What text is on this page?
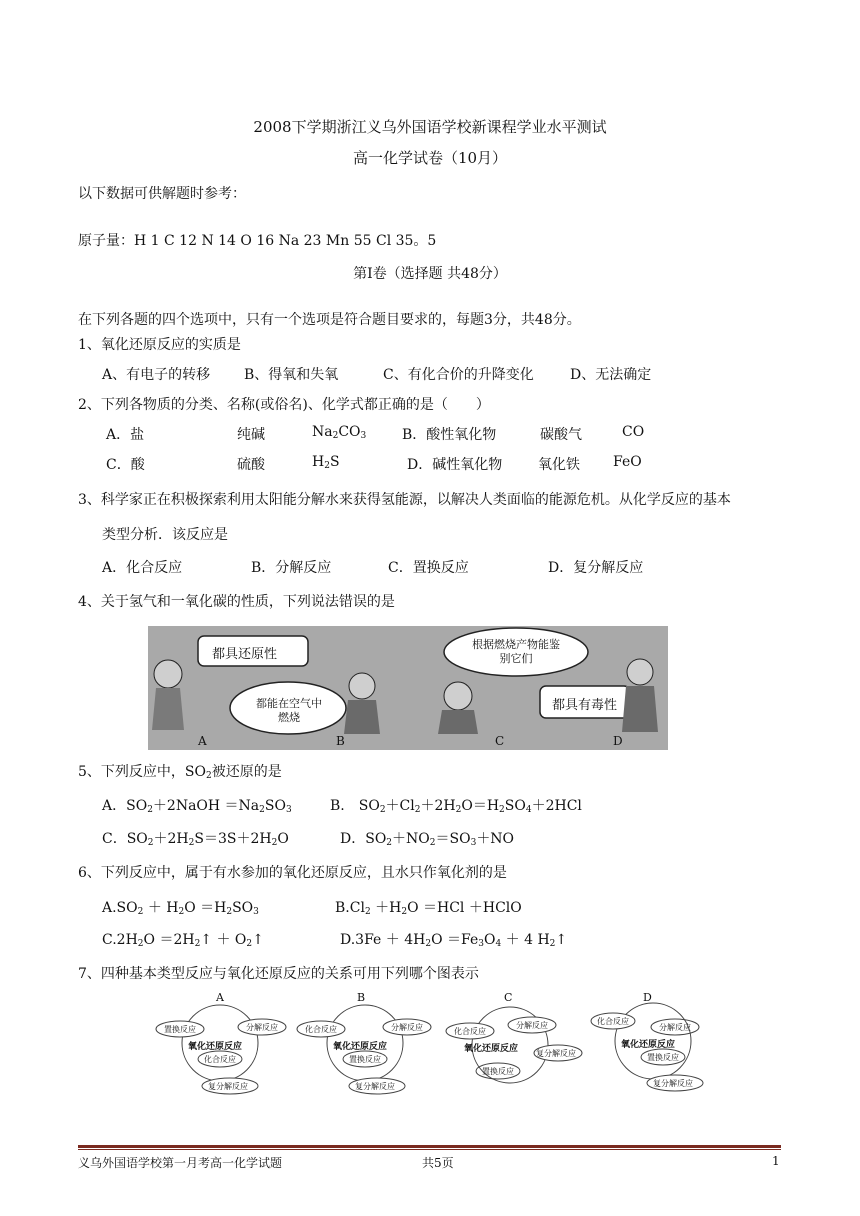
2008下学期浙江义乌外国语学校新课程学业水平测试
高一化学试卷（10月）
以下数据可供解题时参考：
原子量：H 1 C 12 N 14 O 16 Na 23 Mn 55 Cl 35。5
第Ⅰ卷（选择题 共48分）
在下列各题的四个选项中，只有一个选项是符合题目要求的，每题3分，共48分。
1、氧化还原反应的实质是
A、有电子的转移 B、得氧和失氧	C、有化合价的升降变化	D、无法确定
2、下列各物质的分类、名称(或俗名)、化学式都正确的是（　　）
A．盐	纯碱	$Na_2CO_3$	B．酸性氧化物	碳酸气	CO
C．酸	硫酸	$H_2S$	D．碱性氧化物	氧化铁 FeO
3、科学家正在积极探索利用太阳能分解水来获得氢能源，以解决人类面临的能源危机。从化学反应的基本
类型分析．该反应是
A．化合反应	B．分解反应	C．置换反应	D．复分解反应
4、关于氢气和一氧化碳的性质，下列说法错误的是
都具还原性
都能在空气中燃烧
根据燃烧产物能鉴别它们
都具有毒性
A	B	C	D
5、下列反应中，$SO_2$被还原的是
A．$SO_2+2NaOH =Na_2SO_3$	B.　$SO_2+Cl_2+2H_2O=H_2SO_4+2HCl$
C．$SO_2+2H_2S=3S+2H_2O$	D．$SO_2+NO_2=SO_3+NO$
6、下列反应中，属于有水参加的氧化还原反应，且水只作氧化剂的是
$A.SO_2 + H_2O =H_2SO_3$	$B.Cl_2 +H_2O =HCl$ ＋HClO
$C.2H_2O$ $=2H_2↑$ ＋ $O_2↑$	$D.3Fe + 4H_2O =Fe_3O_4 + 4$ $H_2↑$
7、四种基本类型反应与氧化还原反应的关系可用下列哪个图表示
A
置换反应	分解反应
氧化还原反应
化合反应
复分解反应
B
化合反应	分解反应
氧化还原反应
置换反应
复分解反应
C
化合反应
分解反应
氧化还原反应 复分解反应
置换反应
D
化合反应
分解反应
氧化还原反应
置换反应
复分解反应
义乌外国语学校第一月考高一化学试题	共5页	1
